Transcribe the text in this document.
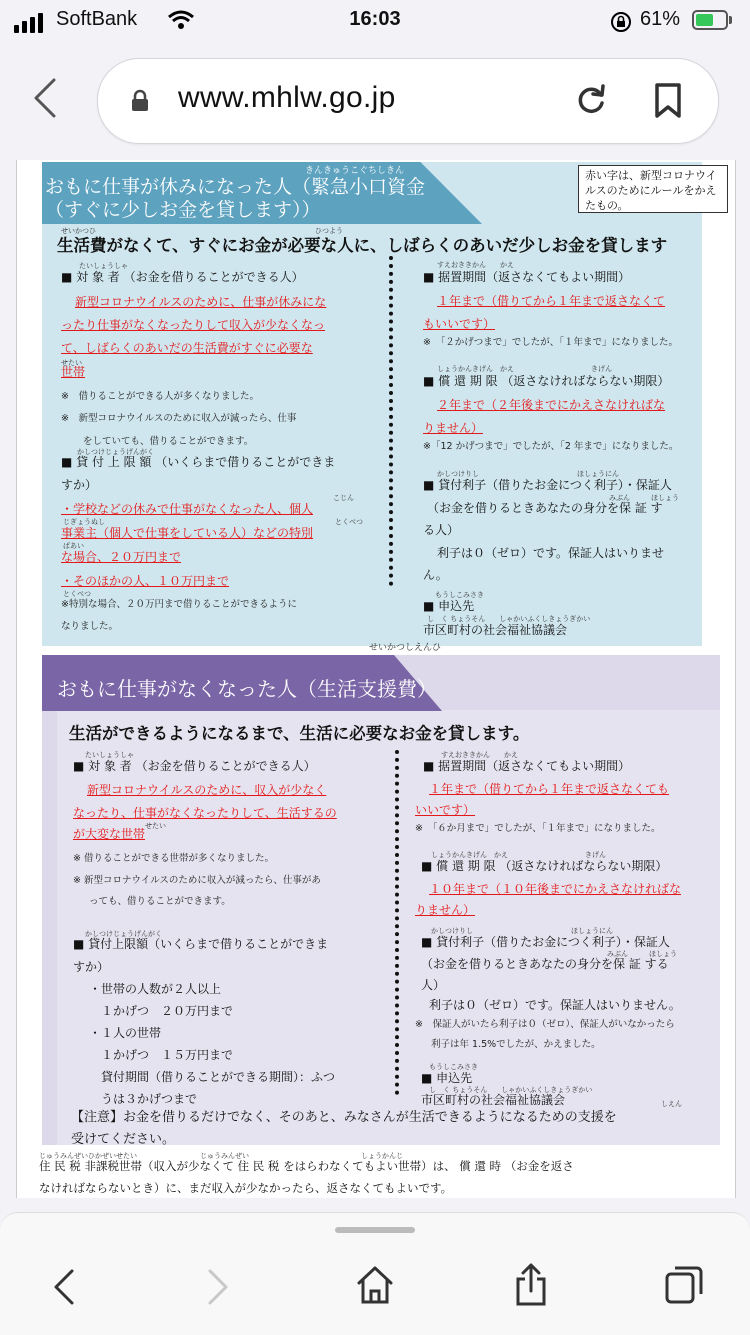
SoftBank	16:03	61%
www.mhlw.go.jp
きんきゅうこぐちしきん
おもに仕事が休みになった人（緊急小口資金
（すぐに少しお金を貸します））
赤い字は、新型コロナウイルスのためにルールをかえたもの。
せいかつひ	ひつよう
生活費がなくて、すぐにお金が必要な人に、しばらくのあいだ少しお金を貸します
たいしょうしゃ
■ 対 象 者 （お金を借りることができる人）
新型コロナウイルスのために、仕事が休みにな
ったり仕事がなくなったりして収入が少なくなっ
て、しばらくのあいだの生活費がすぐに必要な
せたい
世帯
※　借りることができる人が多くなりました。
※　新型コロナウイルスのために収入が減ったら、仕事
をしていても、借りることができます。
かしつけじょうげんがく
■ 貸 付 上 限 額 （いくらまで借りることができま
すか）
こじん
・学校などの休みで仕事がなくなった人、個人
じぎょうぬし	とくべつ
事業主（個人で仕事をしている人）などの特別
ばあい
な場合、２０万円まで
・そのほかの人、１０万円まで
とくべつ
※特別な場合、２０万円まで借りることができるように
なりました。
すえおききかん　　かえ
■ 据置期間（返さなくてもよい期間）
１年まで（借りてから１年まで返さなくて
もいいです）
※　「２かげつまで」でしたが、「１年まで」になりました。
しょうかんきげん　かえ　　　　　　　　　　　きげん
■ 償 還 期 限 （返さなければならない期限）
２年まで（２年後までにかえさなければな
りません）
※「12 かげつまで」でしたが、「2 年まで」になりました。
かしつけりし　　　　　　　　　　　　　　ほしょうにん
■ 貸付利子（借りたお金につく利子）・保証人
みぶん　　　ほしょう
（お金を借りるときあなたの身分を保 証 す
る人）
利子は０（ゼロ）です。保証人はいりませ
ん。
もうしこみさき
■ 申込先
し　く ちょうそん　　しゃかいふくしきょうぎかい
市区町村の社会福祉協議会
せいかつしえんひ
おもに仕事がなくなった人（生活支援費）
生活ができるようになるまで、生活に必要なお金を貸します。
たいしょうしゃ
■ 対 象 者 （お金を借りることができる人）
新型コロナウイルスのために、収入が少なく
なったり、仕事がなくなったりして、生活するの
せたい
が大変な世帯
※ 借りることができる世帯が多くなりました。
※ 新型コロナウイルスのために収入が減ったら、仕事があ
っても、借りることができます。
かしつけじょうげんがく
■ 貸付上限額（いくらまで借りることができま
すか）
・世帯の人数が２人以上
１かげつ　２０万円まで
・１人の世帯
１かげつ　１５万円まで
貸付期間（借りることができる期間）：ふつ
うは３かげつまで
すえおききかん　　かえ
■ 据置期間（返さなくてもよい期間）
１年まで（借りてから１年まで返さなくても
いいです）
※　「６か月まで」でしたが、「１年まで」になりました。
しょうかんきげん　かえ　　　　　　　　　　　きげん
■ 償 還 期 限 （返さなければならない期限）
１０年まで（１０年後までにかえさなければな
りません）
かしつけりし　　　　　　　　　　　　　　ほしょうにん
■ 貸付利子（借りたお金につく利子）・保証人
みぶん　　　ほしょう
（お金を借りるときあなたの身分を保 証 する
人）
利子は０（ゼロ）です。保証人はいりません。
※　保証人がいたら利子は０（ゼロ）、保証人がいなかったら
利子は年 1.5%でしたが、かえました。
もうしこみさき
■ 申込先
し　く ちょうそん　　しゃかいふくしきょうぎかい
市区町村の社会福祉協議会	しえん
【注意】お金を借りるだけでなく、そのあと、みなさんが生活できるようになるための支援を
受けてください。
じゅうみんぜいひかぜいせたい　　　　　　　　　じゅうみんぜい　　　　　　　　　　　　　　　　しょうかんじ
住 民 税 非課税世帯（収入が少なくて 住 民 税 をはらわなくてもよい世帯）は、 償 還 時 （お金を返さ
なければならないとき）に、まだ収入が少なかったら、返さなくてもよいです。
